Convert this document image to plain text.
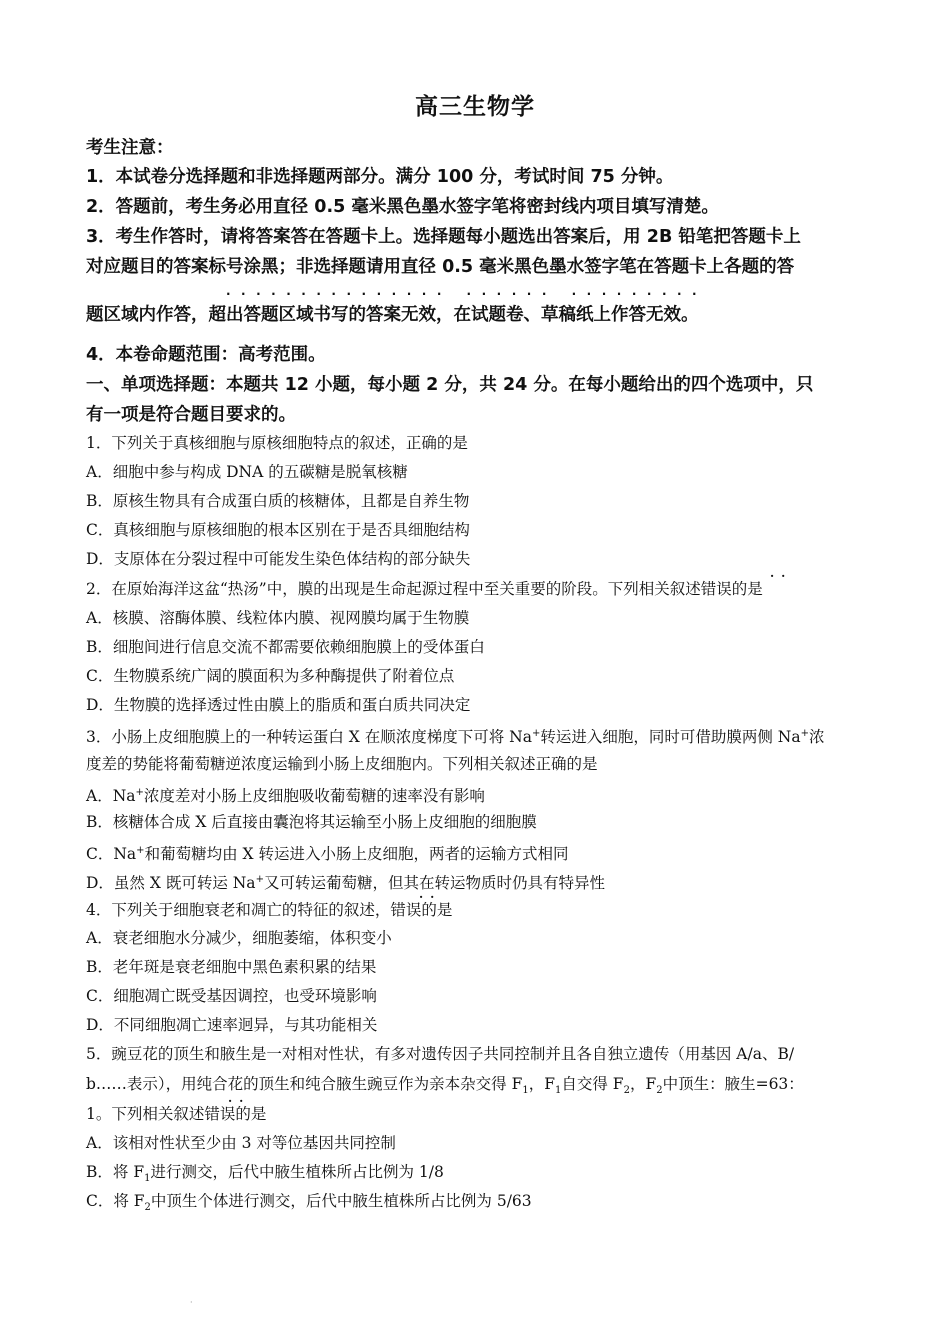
高三生物学
考生注意：
1．本试卷分选择题和非选择题两部分。满分 100 分，考试时间 75 分钟。
2．答题前，考生务必用直径 0.5 毫米黑色墨水签字笔将密封线内项目填写清楚。
3．考生作答时，请将答案答在答题卡上。选择题每小题选出答案后，用 2B 铅笔把答题卡上
对应题目的答案标号涂黑；非选择题请用直径 0.5 毫米黑色墨水签字笔在答题卡上各题的答
··············· ······ ·········
题区域内作答，超出答题区域书写的答案无效，在试题卷、草稿纸上作答无效。
4．本卷命题范围：高考范围。
一、单项选择题：本题共 12 小题，每小题 2 分，共 24 分。在每小题给出的四个选项中，只
有一项是符合题目要求的。
1．下列关于真核细胞与原核细胞特点的叙述，正确的是
A．细胞中参与构成 DNA 的五碳糖是脱氧核糖
B．原核生物具有合成蛋白质的核糖体，且都是自养生物
C．真核细胞与原核细胞的根本区别在于是否具细胞结构
D．支原体在分裂过程中可能发生染色体结构的部分缺失
··
2．在原始海洋这盆“热汤”中，膜的出现是生命起源过程中至关重要的阶段。下列相关叙述错误的是
A．核膜、溶酶体膜、线粒体内膜、视网膜均属于生物膜
B．细胞间进行信息交流不都需要依赖细胞膜上的受体蛋白
C．生物膜系统广阔的膜面积为多种酶提供了附着位点
D．生物膜的选择透过性由膜上的脂质和蛋白质共同决定
3．小肠上皮细胞膜上的一种转运蛋白 X 在顺浓度梯度下可将 Na+转运进入细胞，同时可借助膜两侧 Na+浓
度差的势能将葡萄糖逆浓度运输到小肠上皮细胞内。下列相关叙述正确的是
A．Na+浓度差对小肠上皮细胞吸收葡萄糖的速率没有影响
B．核糖体合成 X 后直接由囊泡将其运输至小肠上皮细胞的细胞膜
C．Na+和葡萄糖均由 X 转运进入小肠上皮细胞，两者的运输方式相同
D．虽然 X 既可转运 Na+又可转运葡萄糖，但其在转运物质时仍具有特异性
··
4．下列关于细胞衰老和凋亡的特征的叙述，错误的是
A．衰老细胞水分减少，细胞萎缩，体积变小
B．老年斑是衰老细胞中黑色素积累的结果
C．细胞凋亡既受基因调控，也受环境影响
D．不同细胞凋亡速率迥异，与其功能相关
5．豌豆花的顶生和腋生是一对相对性状，有多对遗传因子共同控制并且各自独立遗传（用基因 A/a、B/
b……表示），用纯合花的顶生和纯合腋生豌豆作为亲本杂交得 $F_1$，$F_1$自交得 $F_2$，$F_2$中顶生：腋生=63：
··
1。下列相关叙述错误的是
A．该相对性状至少由 3 对等位基因共同控制
B．将 $F_1$进行测交，后代中腋生植株所占比例为 1/8
C．将 $F_2$中顶生个体进行测交，后代中腋生植株所占比例为 5/63
·
